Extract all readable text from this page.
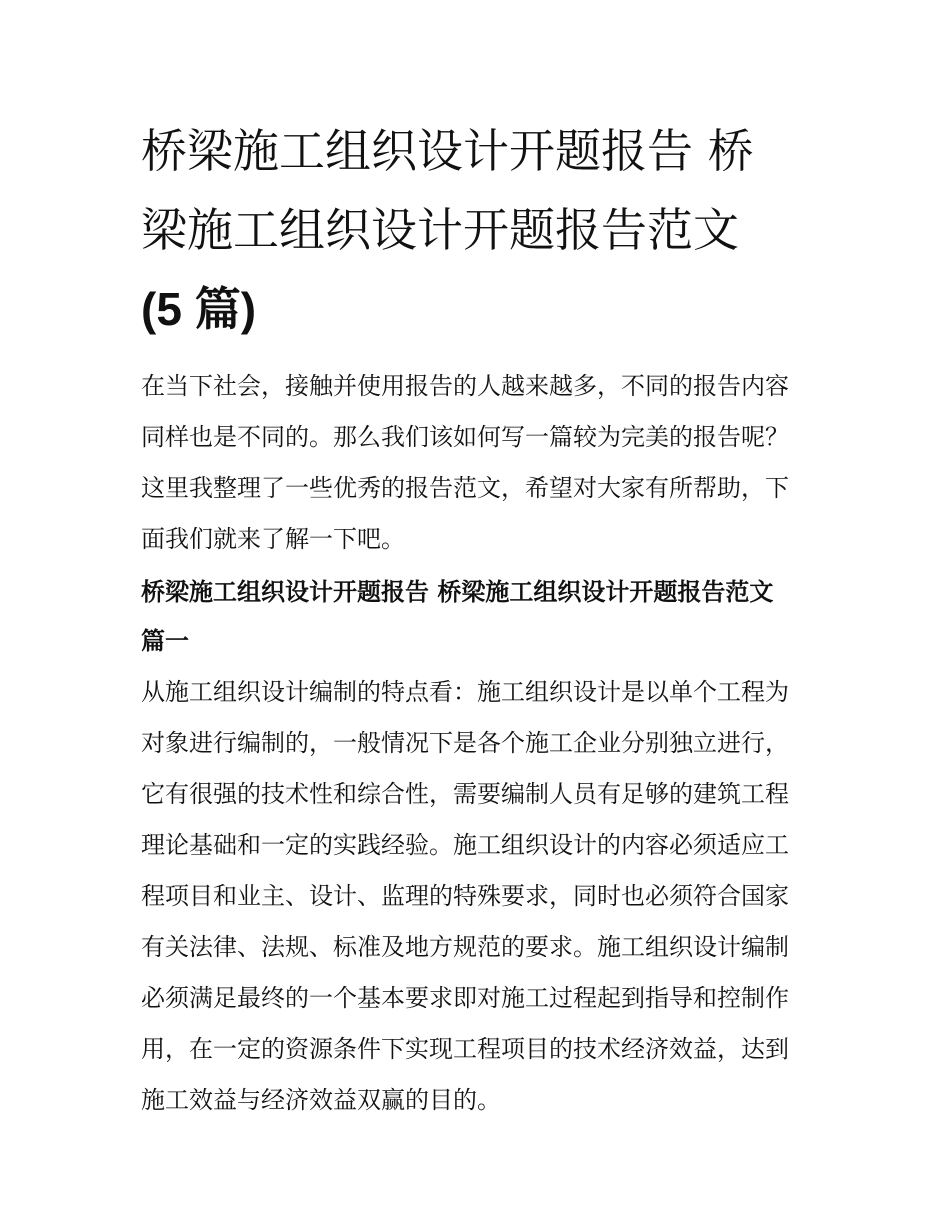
桥梁施工组织设计开题报告 桥
梁施工组织设计开题报告范文
(5 篇)

在当下社会，接触并使用报告的人越来越多，不同的报告内容
同样也是不同的。那么我们该如何写一篇较为完美的报告呢？
这里我整理了一些优秀的报告范文，希望对大家有所帮助，下
面我们就来了解一下吧。

桥梁施工组织设计开题报告 桥梁施工组织设计开题报告范文
篇一

从施工组织设计编制的特点看：施工组织设计是以单个工程为
对象进行编制的，一般情况下是各个施工企业分别独立进行，
它有很强的技术性和综合性，需要编制人员有足够的建筑工程
理论基础和一定的实践经验。施工组织设计的内容必须适应工
程项目和业主、设计、监理的特殊要求，同时也必须符合国家
有关法律、法规、标准及地方规范的要求。施工组织设计编制
必须满足最终的一个基本要求即对施工过程起到指导和控制作
用，在一定的资源条件下实现工程项目的技术经济效益，达到
施工效益与经济效益双赢的目的。
